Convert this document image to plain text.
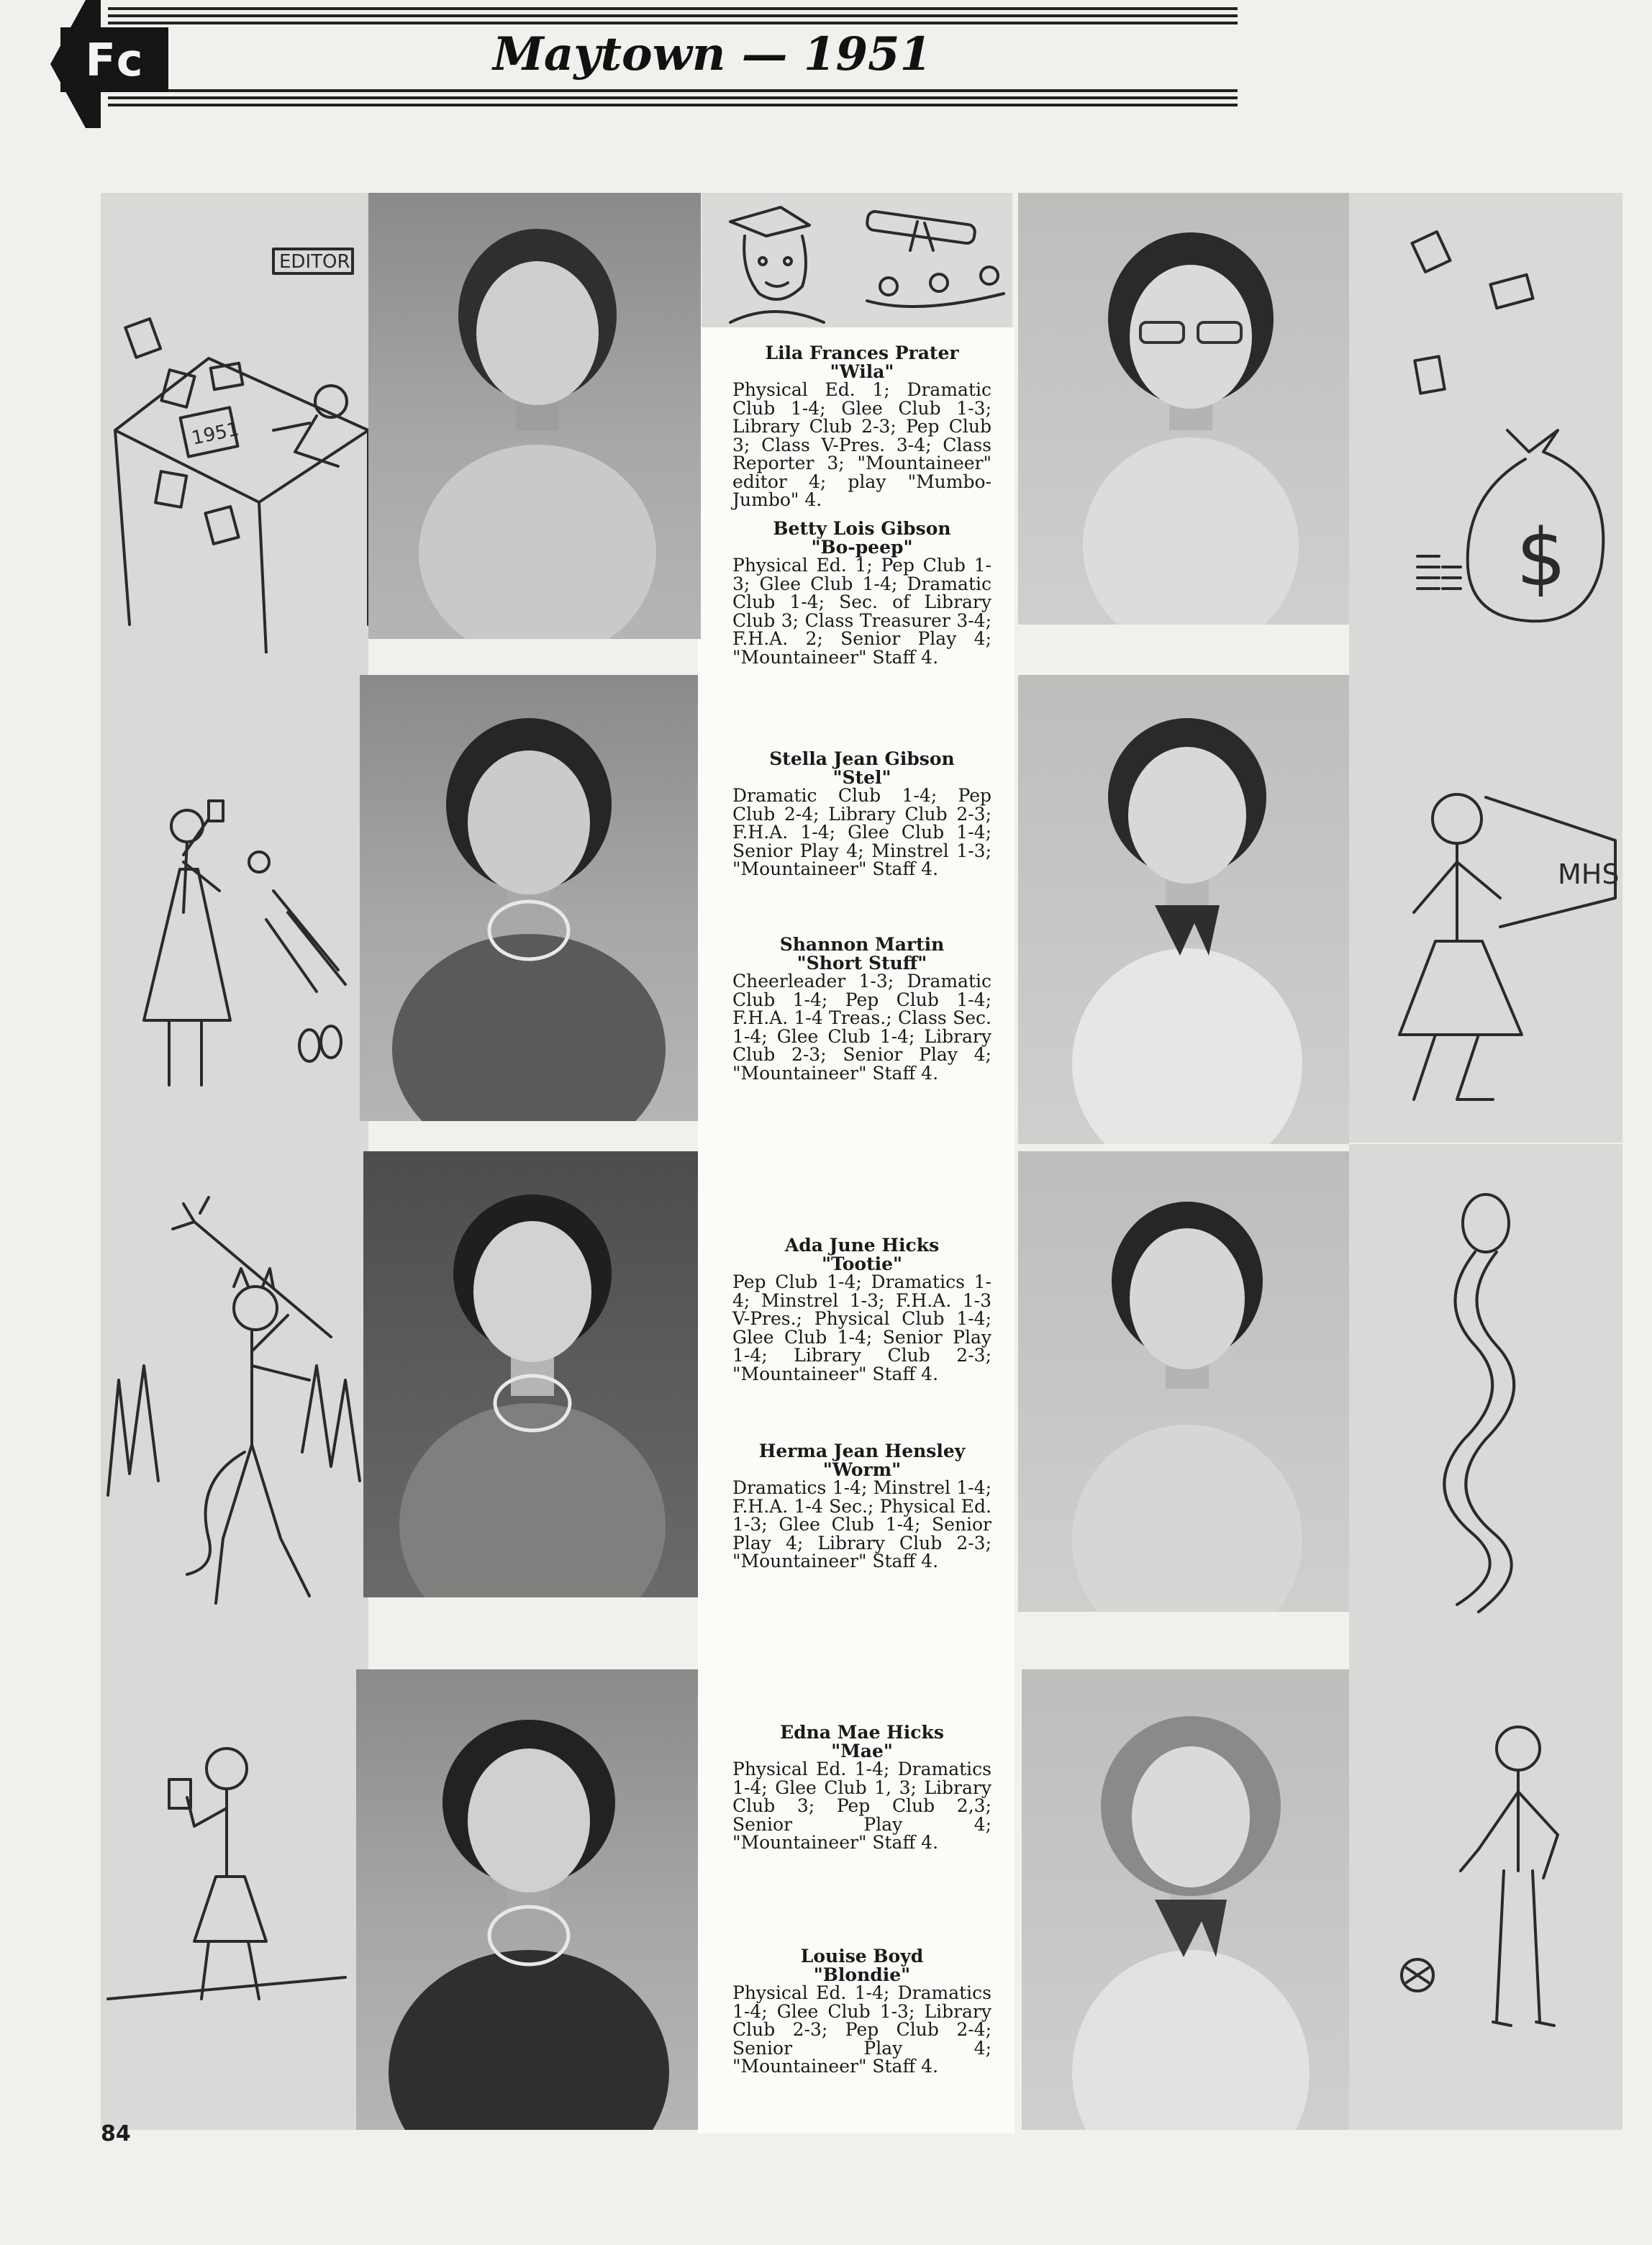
Fc	Maytown — 1951
EDITOR
1951
$
MHS
Lila Frances Prater
"Wila"
Physical Ed. 1; Dramatic Club 1-4; Glee Club 1-3; Library Club 2-3; Pep Club 3; Class V-Pres. 3-4; Class Reporter 3; "Mountaineer" editor 4; play "Mumbo-Jumbo" 4.
Betty Lois Gibson
"Bo-peep"
Physical Ed. 1; Pep Club 1-3; Glee Club 1-4; Dramatic Club 1-4; Sec. of Library Club 3; Class Treasurer 3-4; F.H.A. 2; Senior Play 4; "Mountaineer" Staff 4.
Stella Jean Gibson
"Stel"
Dramatic Club 1-4; Pep Club 2-4; Library Club 2-3; F.H.A. 1-4; Glee Club 1-4; Senior Play 4; Minstrel 1-3; "Mountaineer" Staff 4.
Shannon Martin
"Short Stuff"
Cheerleader 1-3; Dramatic Club 1-4; Pep Club 1-4; F.H.A. 1-4 Treas.; Class Sec. 1-4; Glee Club 1-4; Library Club 2-3; Senior Play 4; "Mountaineer" Staff 4.
Ada June Hicks
"Tootie"
Pep Club 1-4; Dramatics 1-4; Minstrel 1-3; F.H.A. 1-3 V-Pres.; Physical Club 1-4; Glee Club 1-4; Senior Play 1-4; Library Club 2-3; "Mountaineer" Staff 4.
Herma Jean Hensley
"Worm"
Dramatics 1-4; Minstrel 1-4; F.H.A. 1-4 Sec.; Physical Ed. 1-3; Glee Club 1-4; Senior Play 4; Library Club 2-3; "Mountaineer" Staff 4.
Edna Mae Hicks
"Mae"
Physical Ed. 1-4; Dramatics 1-4; Glee Club 1, 3; Library Club 3; Pep Club 2,3; Senior Play 4; "Mountaineer" Staff 4.
Louise Boyd
"Blondie"
Physical Ed. 1-4; Dramatics 1-4; Glee Club 1-3; Library Club 2-3; Pep Club 2-4; Senior Play 4; "Mountaineer" Staff 4.
84
